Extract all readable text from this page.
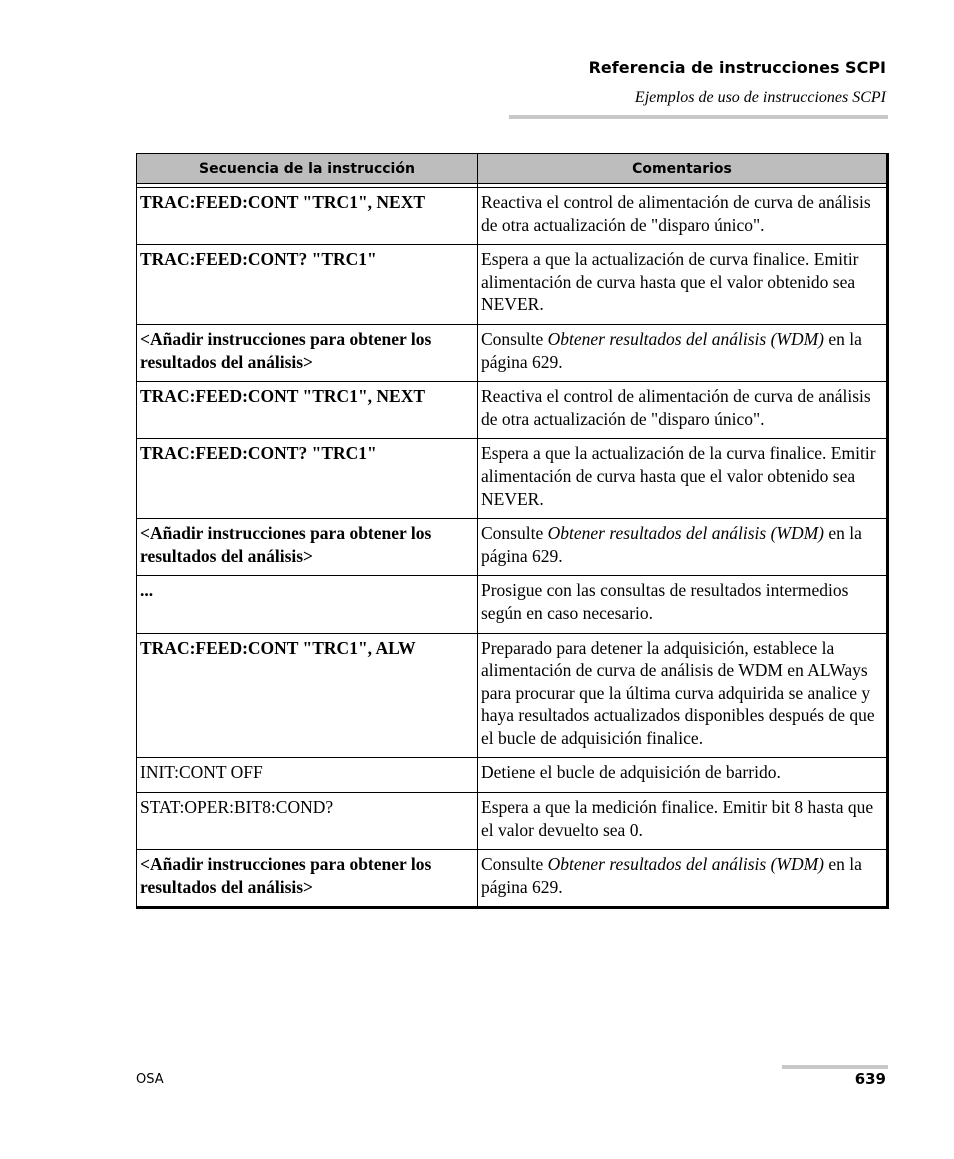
Referencia de instrucciones SCPI
Ejemplos de uso de instrucciones SCPI
Secuencia de la instrucción	Comentarios

TRAC:FEED:CONT "TRC1", NEXT	Reactiva el control de alimentación de curva de análisis de otra actualización de "disparo único".
TRAC:FEED:CONT? "TRC1"	Espera a que la actualización de curva finalice. Emitir alimentación de curva hasta que el valor obtenido sea NEVER.
<Añadir instrucciones para obtener los resultados del análisis>	Consulte Obtener resultados del análisis (WDM) en la página 629.
TRAC:FEED:CONT "TRC1", NEXT	Reactiva el control de alimentación de curva de análisis de otra actualización de "disparo único".
TRAC:FEED:CONT? "TRC1"	Espera a que la actualización de la curva finalice. Emitir alimentación de curva hasta que el valor obtenido sea NEVER.
<Añadir instrucciones para obtener los resultados del análisis>	Consulte Obtener resultados del análisis (WDM) en la página 629.
...	Prosigue con las consultas de resultados intermedios según en caso necesario.
TRAC:FEED:CONT "TRC1", ALW	Preparado para detener la adquisición, establece la alimentación de curva de análisis de WDM en ALWays para procurar que la última curva adquirida se analice y haya resultados actualizados disponibles después de que el bucle de adquisición finalice.
INIT:CONT OFF	Detiene el bucle de adquisición de barrido.
STAT:OPER:BIT8:COND?	Espera a que la medición finalice. Emitir bit 8 hasta que el valor devuelto sea 0.
<Añadir instrucciones para obtener los resultados del análisis>	Consulte Obtener resultados del análisis (WDM) en la página 629.
OSA	639
